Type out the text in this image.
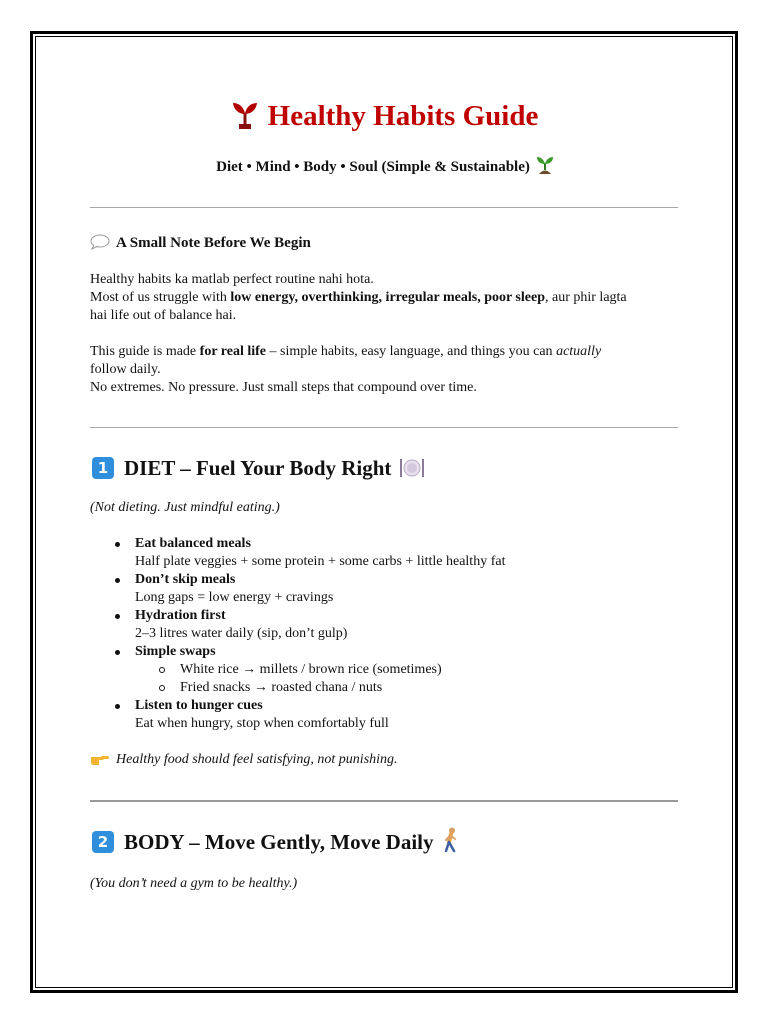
Healthy Habits Guide
Diet • Mind • Body • Soul (Simple & Sustainable)
A Small Note Before We Begin

Healthy habits ka matlab perfect routine nahi hota.

Most of us struggle with low energy, overthinking, irregular meals, poor sleep, aur phir lagta

hai life out of balance hai.

This guide is made for real life – simple habits, easy language, and things you can actually

follow daily.

No extremes. No pressure. Just small steps that compound over time.

1 DIET – Fuel Your Body Right
(Not dieting. Just mindful eating.)
Eat balanced meals
Half plate veggies + some protein + some carbs + little healthy fat
Don’t skip meals
Long gaps = low energy + cravings
Hydration first
2–3 litres water daily (sip, don’t gulp)
Simple swaps
White rice → millets / brown rice (sometimes)
Fried snacks → roasted chana / nuts
Listen to hunger cues
Eat when hungry, stop when comfortably full
Healthy food should feel satisfying, not punishing.
2 BODY – Move Gently, Move Daily
(You don’t need a gym to be healthy.)
